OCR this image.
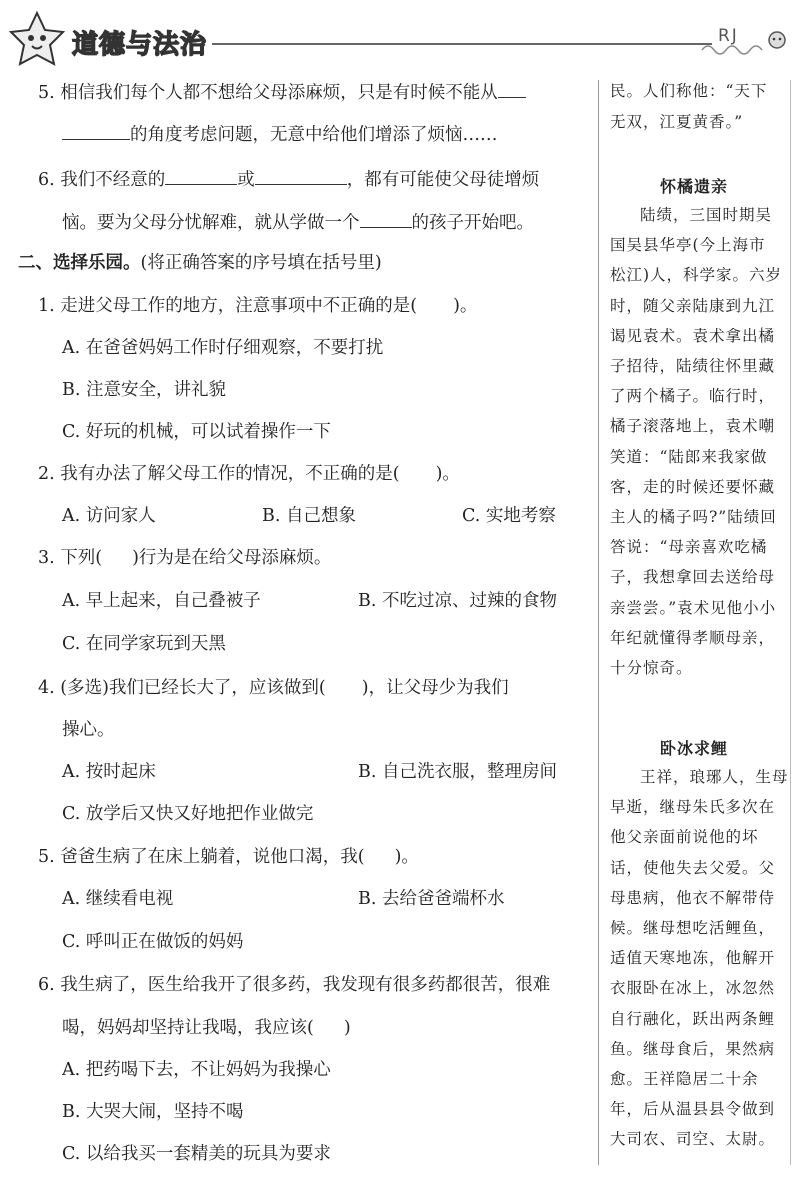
道德与法治	RJ
5. 相信我们每个人都不想给父母添麻烦，只是有时候不能从
的角度考虑问题，无意中给他们增添了烦恼……
6. 我们不经意的	或	，都有可能使父母徒增烦
恼。要为父母分忧解难，就从学做一个	的孩子开始吧。
二、选择乐园。(将正确答案的序号填在括号里)
1. 走进父母工作的地方，注意事项中不正确的是( )。
A. 在爸爸妈妈工作时仔细观察，不要打扰
B. 注意安全，讲礼貌
C. 好玩的机械，可以试着操作一下
2. 我有办法了解父母工作的情况，不正确的是( )。
A. 访问家人	B. 自己想象	C. 实地考察
3. 下列( )行为是在给父母添麻烦。
A. 早上起来，自己叠被子	B. 不吃过凉、过辣的食物
C. 在同学家玩到天黑
4. (多选)我们已经长大了，应该做到( )，让父母少为我们
操心。
A. 按时起床	B. 自己洗衣服，整理房间
C. 放学后又快又好地把作业做完
5. 爸爸生病了在床上躺着，说他口渴，我( )。
A. 继续看电视	B. 去给爸爸端杯水
C. 呼叫正在做饭的妈妈
6. 我生病了，医生给我开了很多药，我发现有很多药都很苦，很难
喝，妈妈却坚持让我喝，我应该( )
A. 把药喝下去，不让妈妈为我操心
B. 大哭大闹，坚持不喝
C. 以给我买一套精美的玩具为要求
民。人们称他：“天下
无双，江夏黄香。”
怀橘遗亲
陆绩，三国时期吴
国吴县华亭(今上海市
松江)人，科学家。六岁
时，随父亲陆康到九江
谒见袁术。袁术拿出橘
子招待，陆绩往怀里藏
了两个橘子。临行时，
橘子滚落地上，袁术嘲
笑道：“陆郎来我家做
客，走的时候还要怀藏
主人的橘子吗?”陆绩回
答说：“母亲喜欢吃橘
子，我想拿回去送给母
亲尝尝。”袁术见他小小
年纪就懂得孝顺母亲，
十分惊奇。
卧冰求鲤
王祥，琅琊人，生母
早逝，继母朱氏多次在
他父亲面前说他的坏
话，使他失去父爱。父
母患病，他衣不解带侍
候。继母想吃活鲤鱼，
适值天寒地冻，他解开
衣服卧在冰上，冰忽然
自行融化，跃出两条鲤
鱼。继母食后，果然病
愈。王祥隐居二十余
年，后从温县县令做到
大司农、司空、太尉。
